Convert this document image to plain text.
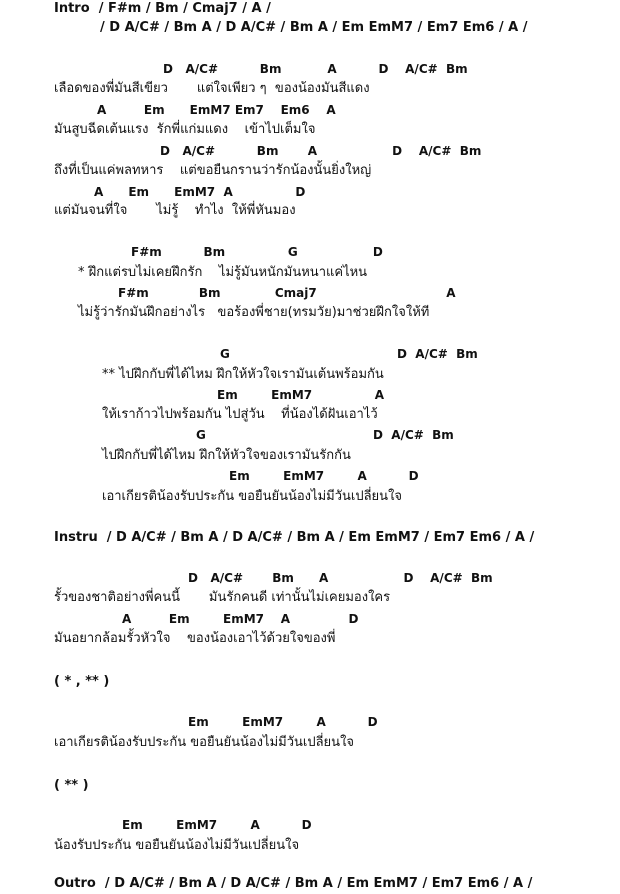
Intro  / F#m / Bm / Cmaj7 / A /
/ D A/C# / Bm A / D A/C# / Bm A / Em EmM7 / Em7 Em6 / A /
D   A/C#          Bm           A          D    A/C#  Bm
เลือดของพี่มันสีเขียว       แต่ใจเพียว ๆ  ของน้องมันสีแดง
A         Em      EmM7 Em7    Em6    A
มันสูบฉีดเต้นแรง  รักพี่แก่มแดง    เข้าไปเต็มใจ
D   A/C#          Bm       A                  D    A/C#  Bm
ถึงที่เป็นแค่พลทหาร    แต่ขอยืนกรานว่ารักน้องนั้นยิ่งใหญ่
A      Em      EmM7  A               D
แต่มันจนที่ใจ       ไม่รู้    ทำไง  ให้พี่หันมอง
F#m          Bm               G                  D
* ฝึกแต่รบไม่เคยฝึกรัก    ไม่รู้มันหนักมันหนาแค่ไหน
F#m            Bm             Cmaj7                               A
ไม่รู้ว่ารักมันฝึกอย่างไร   ขอร้องพี่ชาย(ทรมวัย)มาช่วยฝึกใจให้ที
G                                        D  A/C#  Bm
** ไปฝึกกับพี่ได้ไหม ฝึกให้หัวใจเรามันเต้นพร้อมกัน
Em        EmM7               A
ให้เราก้าวไปพร้อมกัน ไปสู่วัน    ที่น้องได้ฝันเอาไว้
G                                        D  A/C#  Bm
ไปฝึกกับพี่ได้ไหม ฝึกให้หัวใจของเรามันรักกัน
Em        EmM7        A          D
เอาเกียรติน้องรับประกัน ขอยืนยันน้องไม่มีวันเปลี่ยนใจ
Instru  / D A/C# / Bm A / D A/C# / Bm A / Em EmM7 / Em7 Em6 / A /
D   A/C#       Bm      A                  D    A/C#  Bm
รั้วของชาติอย่างพี่คนนี้       มันรักคนดี เท่านั้นไม่เคยมองใคร
A         Em        EmM7    A              D
มันอยากล้อมรั้วหัวใจ    ของน้องเอาไว้ด้วยใจของพี่
( * , ** )
Em        EmM7        A          D
เอาเกียรติน้องรับประกัน ขอยืนยันน้องไม่มีวันเปลี่ยนใจ
( ** )
Em        EmM7        A          D
น้องรับประกัน ขอยืนยันน้องไม่มีวันเปลี่ยนใจ
Outro  / D A/C# / Bm A / D A/C# / Bm A / Em EmM7 / Em7 Em6 / A /
